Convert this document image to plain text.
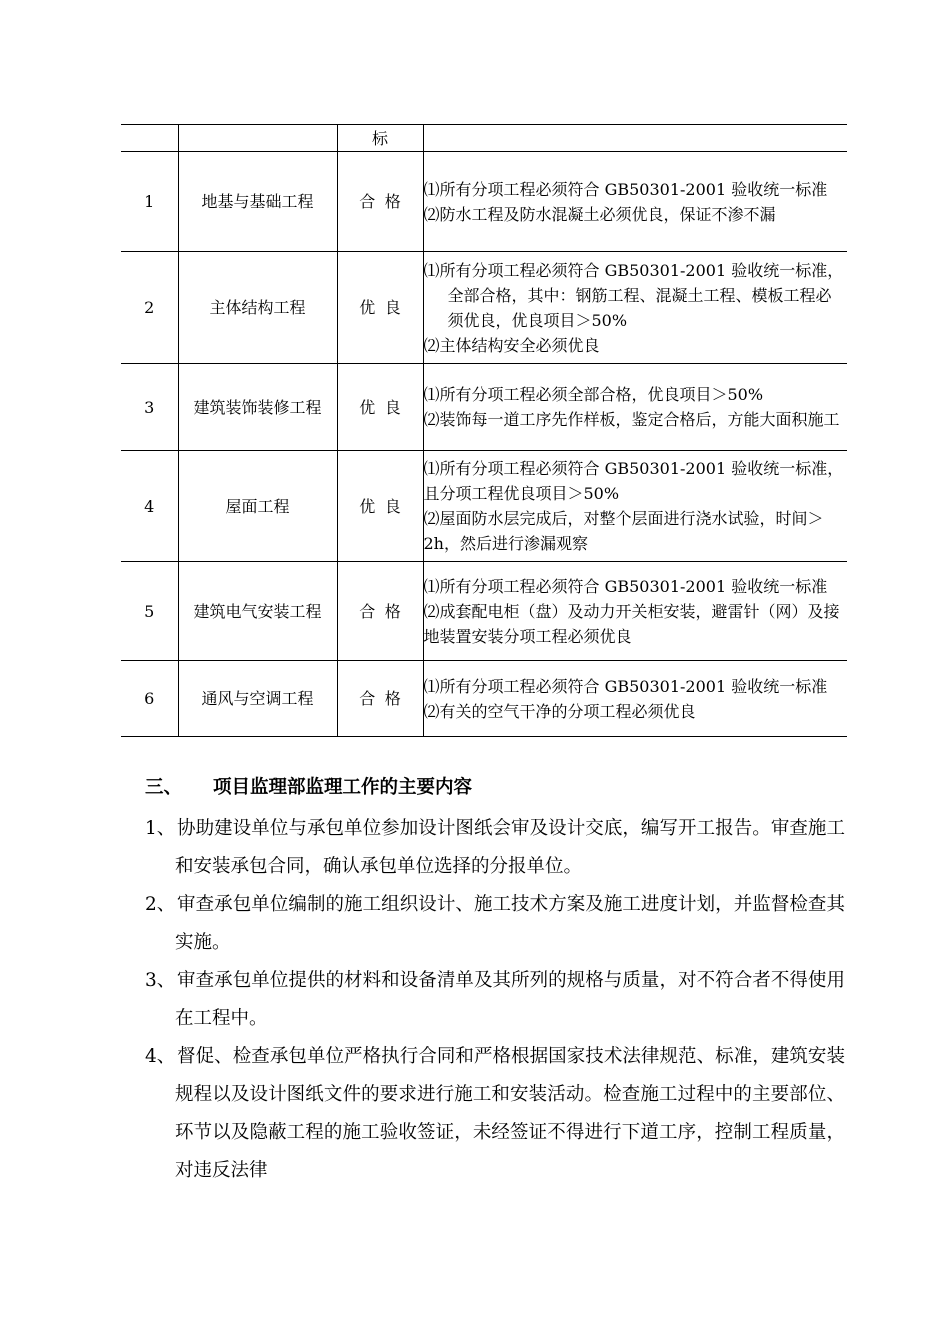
		标	
1	地基与基础工程	合格	⑴所有分项工程必须符合 GB50301-2001 验收统一标准

⑵防水工程及防水混凝土必须优良，保证不渗不漏

2	主体结构工程	优良	⑴所有分项工程必须符合 GB50301-2001 验收统一标准，全部合格，其中：钢筋工程、混凝土工程、模板工程必须优良，优良项目＞50%

⑵主体结构安全必须优良

3	建筑装饰装修工程	优良	⑴所有分项工程必须全部合格，优良项目＞50%

⑵装饰每一道工序先作样板，鉴定合格后，方能大面积施工

4	屋面工程	优良	⑴所有分项工程必须符合 GB50301-2001 验收统一标准，且分项工程优良项目＞50%

⑵屋面防水层完成后，对整个层面进行浇水试验，时间＞2h，然后进行渗漏观察

5	建筑电气安装工程	合格	⑴所有分项工程必须符合 GB50301-2001 验收统一标准

⑵成套配电柜（盘）及动力开关柜安装，避雷针（网）及接地装置安装分项工程必须优良

6	通风与空调工程	合格	⑴所有分项工程必须符合 GB50301-2001 验收统一标准

⑵有关的空气干净的分项工程必须优良

三、 项目监理部监理工作的主要内容

1、协助建设单位与承包单位参加设计图纸会审及设计交底，编写开工报告。审查施工和安装承包合同，确认承包单位选择的分报单位。

2、审查承包单位编制的施工组织设计、施工技术方案及施工进度计划，并监督检查其实施。

3、审查承包单位提供的材料和设备清单及其所列的规格与质量，对不符合者不得使用在工程中。

4、督促、检查承包单位严格执行合同和严格根据国家技术法律规范、标准，建筑安装规程以及设计图纸文件的要求进行施工和安装活动。检查施工过程中的主要部位、环节以及隐蔽工程的施工验收签证，未经签证不得进行下道工序，控制工程质量，对违反法律
